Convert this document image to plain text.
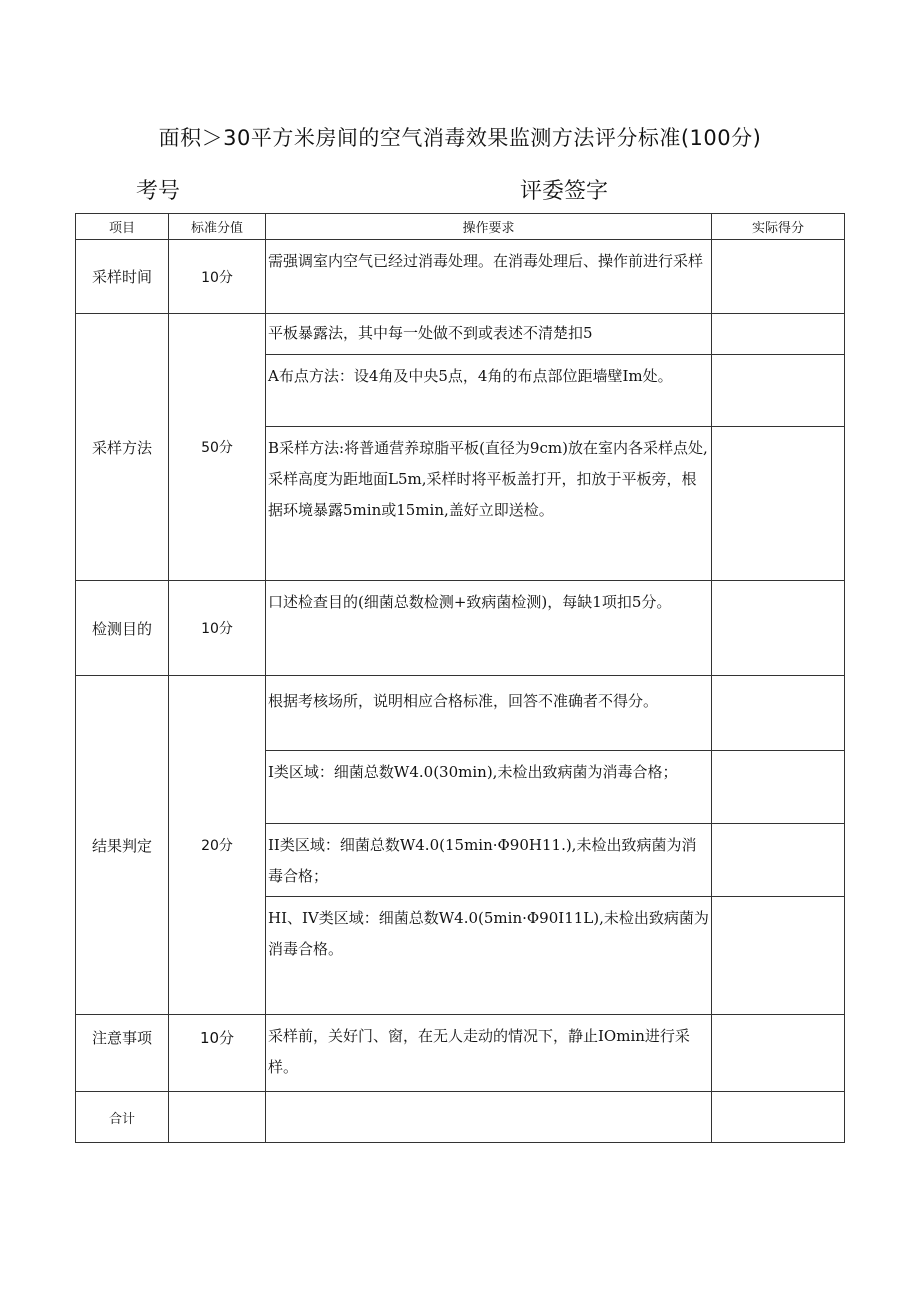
面积＞30平方米房间的空气消毒效果监测方法评分标准(100分)
考号	评委签字
项目	标准分值	操作要求	实际得分
采样时间	10分	需强调室内空气已经过消毒处理。在消毒处理后、操作前进行采样	
采样方法	50分	平板暴露法，其中每一处做不到或表述不清楚扣5	

		A布点方法：设4角及中央5点，4角的布点部位距墙壁Im处。	
		B采样方法:将普通营养琼脂平板(直径为9cm)放在室内各采样点处,采样高度为距地面L5m,采样时将平板盖打开，扣放于平板旁，根据环境暴露5min或15min,盖好立即送检。	
检测目的	10分	口述检查目的(细菌总数检测+致病菌检测)，每缺1项扣5分。	
结果判定	20分	根据考核场所，说明相应合格标准，回答不准确者不得分。	
		I类区域：细菌总数W4.0(30min),未检出致病菌为消毒合格；	
		II类区域：细菌总数W4.0(15min·Φ90H11.),未检出致病菌为消毒合格；	
		HI、IV类区域：细菌总数W4.0(5min·Φ90I11L),未检出致病菌为消毒合格。	
注意事项	10分	采样前，关好门、窗，在无人走动的情况下，静止IOmin进行采样。	
合计			
